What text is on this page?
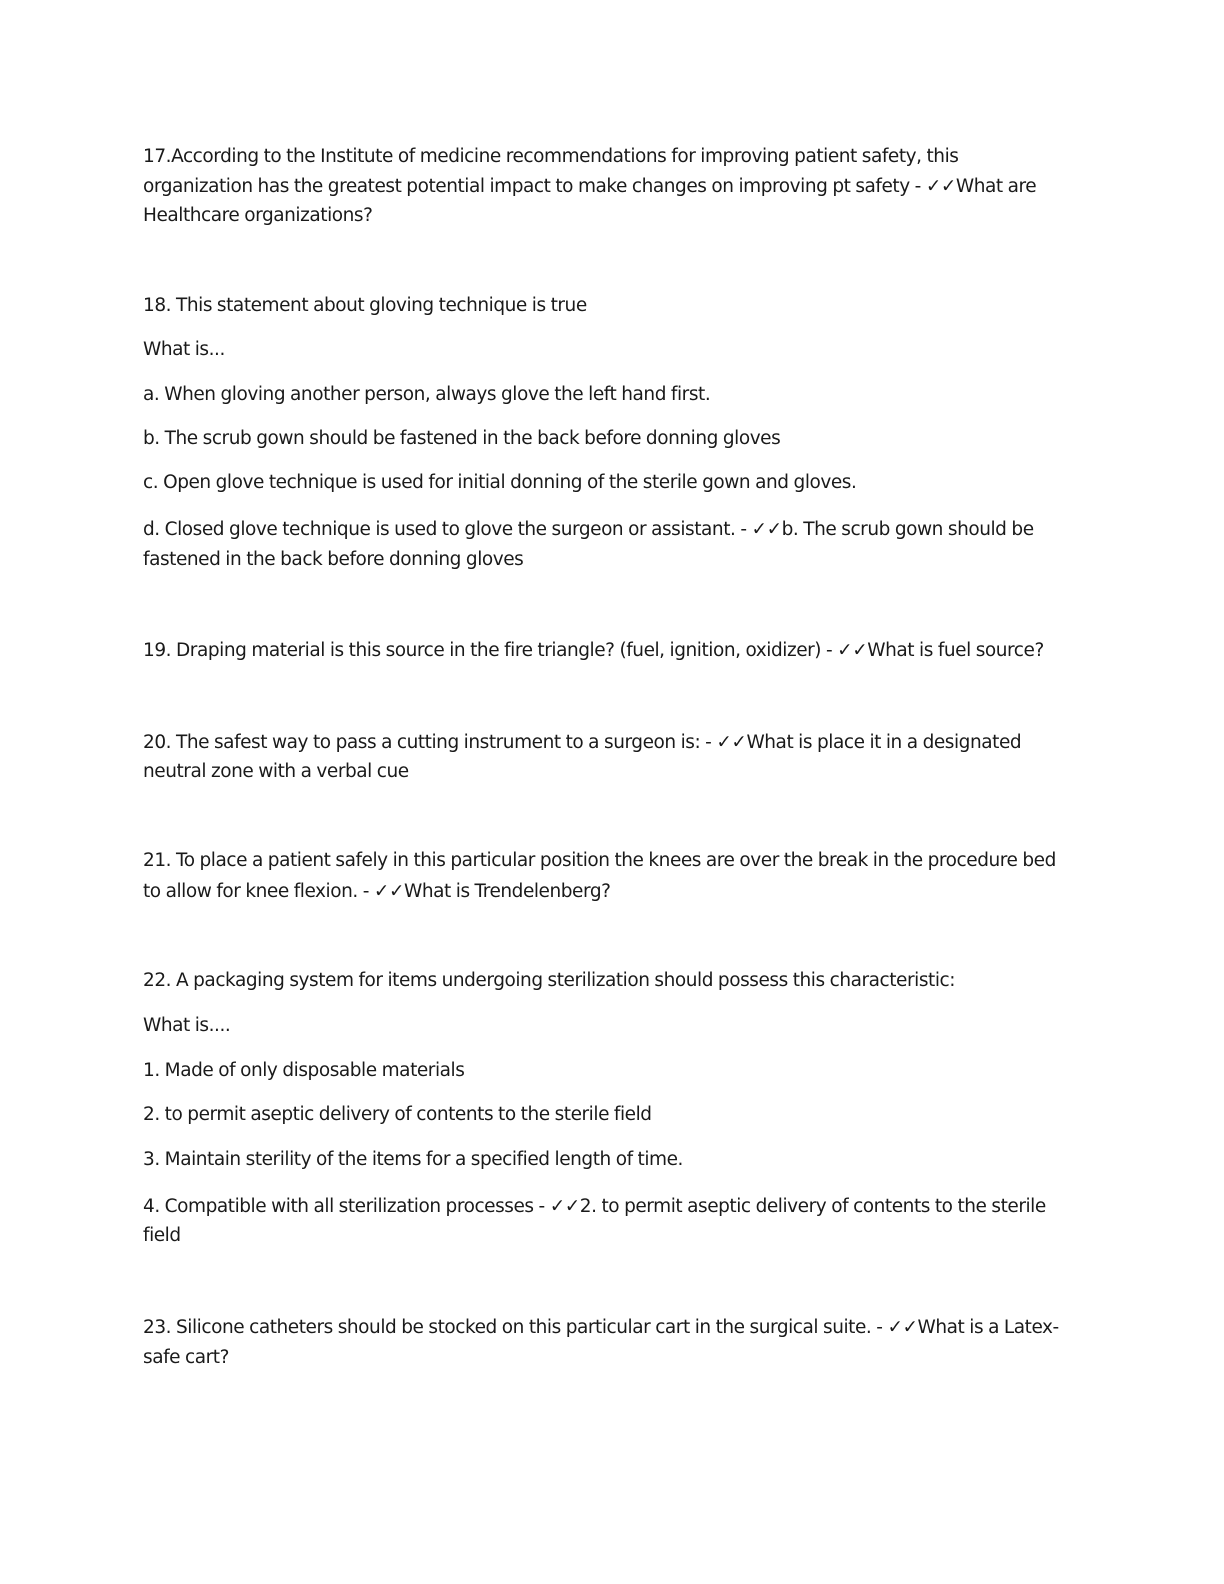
17.According to the Institute of medicine recommendations for improving patient safety, this
organization has the greatest potential impact to make changes on improving pt safety - ✓✓What are
Healthcare organizations?
18. This statement about gloving technique is true
What is...
a. When gloving another person, always glove the left hand first.
b. The scrub gown should be fastened in the back before donning gloves
c. Open glove technique is used for initial donning of the sterile gown and gloves.
d. Closed glove technique is used to glove the surgeon or assistant. - ✓✓b. The scrub gown should be
fastened in the back before donning gloves
19. Draping material is this source in the fire triangle? (fuel, ignition, oxidizer) - ✓✓What is fuel source?
20. The safest way to pass a cutting instrument to a surgeon is: - ✓✓What is place it in a designated
neutral zone with a verbal cue
21. To place a patient safely in this particular position the knees are over the break in the procedure bed
to allow for knee flexion. - ✓✓What is Trendelenberg?
22. A packaging system for items undergoing sterilization should possess this characteristic:
What is....
1. Made of only disposable materials
2. to permit aseptic delivery of contents to the sterile field
3. Maintain sterility of the items for a specified length of time.
4. Compatible with all sterilization processes - ✓✓2. to permit aseptic delivery of contents to the sterile
field
23. Silicone catheters should be stocked on this particular cart in the surgical suite. - ✓✓What is a Latex-
safe cart?
